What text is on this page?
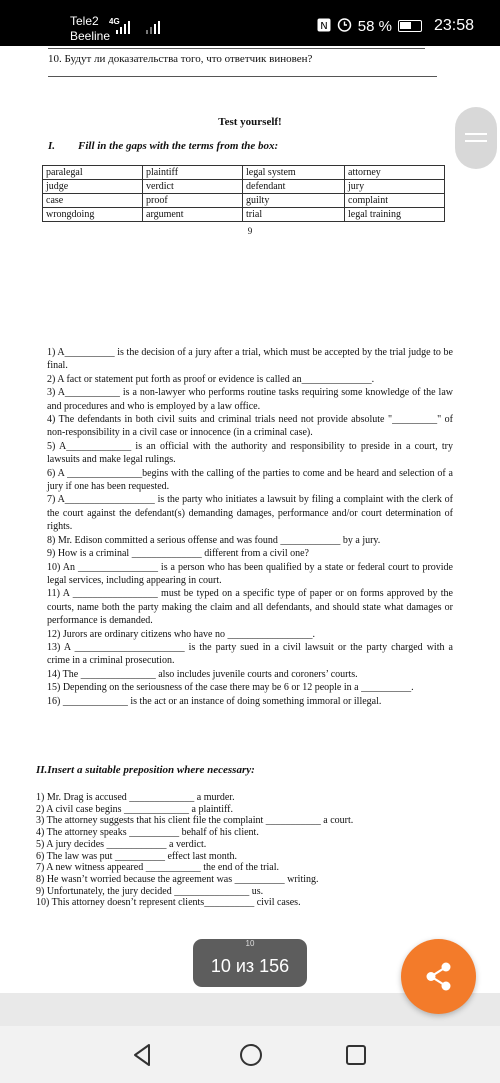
Tele2
Beeline
4G	N 58 %	23:58
10. Будут ли доказательства того, что ответчик виновен?
Test yourself!
I. Fill in the gaps with the terms from the box:
paralegal	plaintiff	legal system	attorney
judge	verdict	defendant	jury
case	proof	guilty	complaint
wrongdoing	argument	trial	legal training
9

1) A__________ is the decision of a jury after a trial, which must be accepted by the trial judge to be final.

2) A fact or statement put forth as proof or evidence is called an______________.

3) A___________ is a non-lawyer who performs routine tasks requiring some knowledge of the law and procedures and who is employed by a law office.

4) The defendants in both civil suits and criminal trials need not provide absolute "_________" of non-responsibility in a civil case or innocence (in a criminal case).

5) A_____________ is an official with the authority and responsibility to preside in a court, try lawsuits and make legal rulings.

6) A _______________begins with the calling of the parties to come and be heard and selection of a jury if one has been requested.

7) A__________________ is the party who initiates a lawsuit by filing a complaint with the clerk of the court against the defendant(s) demanding damages, performance and/or court determination of rights.

8) Mr. Edison committed a serious offense and was found ____________ by a jury.

9) How is a criminal ______________ different from a civil one?

10) An ________________ is a person who has been qualified by a state or federal court to provide legal services, including appearing in court.

11) A _________________ must be typed on a specific type of paper or on forms approved by the courts, name both the party making the claim and all defendants, and should state what damages or performance is demanded.

12) Jurors are ordinary citizens who have no _________________.

13) A ______________________ is the party sued in a civil lawsuit or the party charged with a crime in a criminal prosecution.

14) The _______________ also includes juvenile courts and coroners’ courts.

15) Depending on the seriousness of the case there may be 6 or 12 people in a __________.

16) _____________ is the act or an instance of doing something immoral or illegal.

II.Insert a suitable preposition where necessary:

1) Mr. Drag is accused _____________ a murder.

2) A civil case begins _____________ a plaintiff.

3) The attorney suggests that his client file the complaint ___________ a court.

4) The attorney speaks __________ behalf of his client.

5) A jury decides ____________ a verdict.

6) The law was put __________ effect last month.

7) A new witness appeared ___________ the end of the trial.

8) He wasn’t worried because the agreement was __________ writing.

9) Unfortunately, the jury decided _______________ us.

10) This attorney doesn’t represent clients__________ civil cases.

10
10 из 156
